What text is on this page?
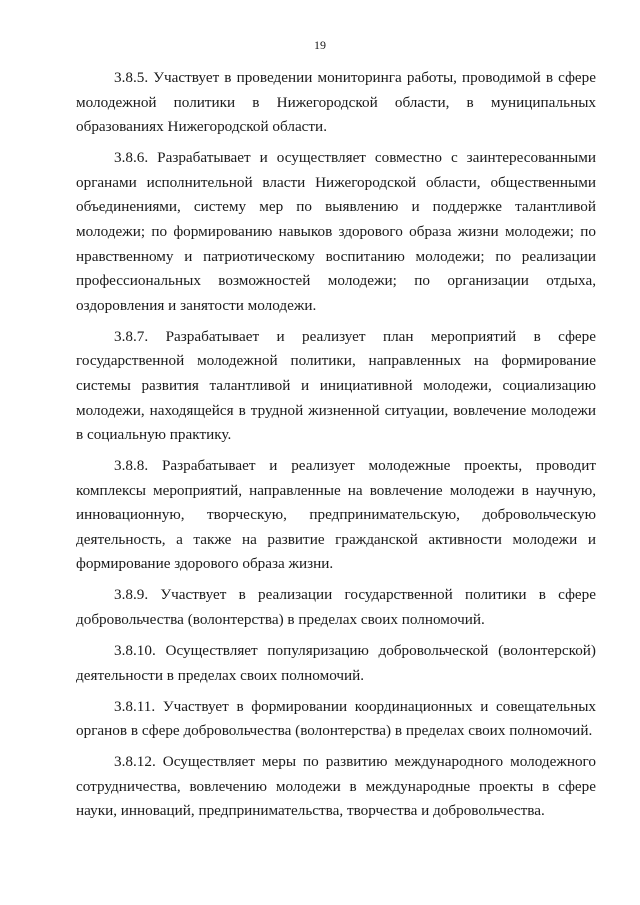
19

3.8.5. Участвует в проведении мониторинга работы, проводимой в сфере молодежной политики в Нижегородской области, в муниципальных образованиях Нижегородской области.

3.8.6. Разрабатывает и осуществляет совместно с заинтересованными органами исполнительной власти Нижегородской области, общественными объединениями, систему мер по выявлению и поддержке талантливой молодежи; по формированию навыков здорового образа жизни молодежи; по нравственному и патриотическому воспитанию молодежи; по реализации профессиональных возможностей молодежи; по организации отдыха, оздоровления и занятости молодежи.

3.8.7. Разрабатывает и реализует план мероприятий в сфере государственной молодежной политики, направленных на формирование системы развития талантливой и инициативной молодежи, социализацию молодежи, находящейся в трудной жизненной ситуации, вовлечение молодежи в социальную практику.

3.8.8. Разрабатывает и реализует молодежные проекты, проводит комплексы мероприятий, направленные на вовлечение молодежи в научную, инновационную, творческую, предпринимательскую, добровольческую деятельность, а также на развитие гражданской активности молодежи и формирование здорового образа жизни.

3.8.9. Участвует в реализации государственной политики в сфере добровольчества (волонтерства) в пределах своих полномочий.

3.8.10. Осуществляет популяризацию добровольческой (волонтерской) деятельности в пределах своих полномочий.

3.8.11. Участвует в формировании координационных и совещательных органов в сфере добровольчества (волонтерства) в пределах своих полномочий.

3.8.12. Осуществляет меры по развитию международного молодежного сотрудничества, вовлечению молодежи в международные проекты в сфере науки, инноваций, предпринимательства, творчества и добровольчества.
